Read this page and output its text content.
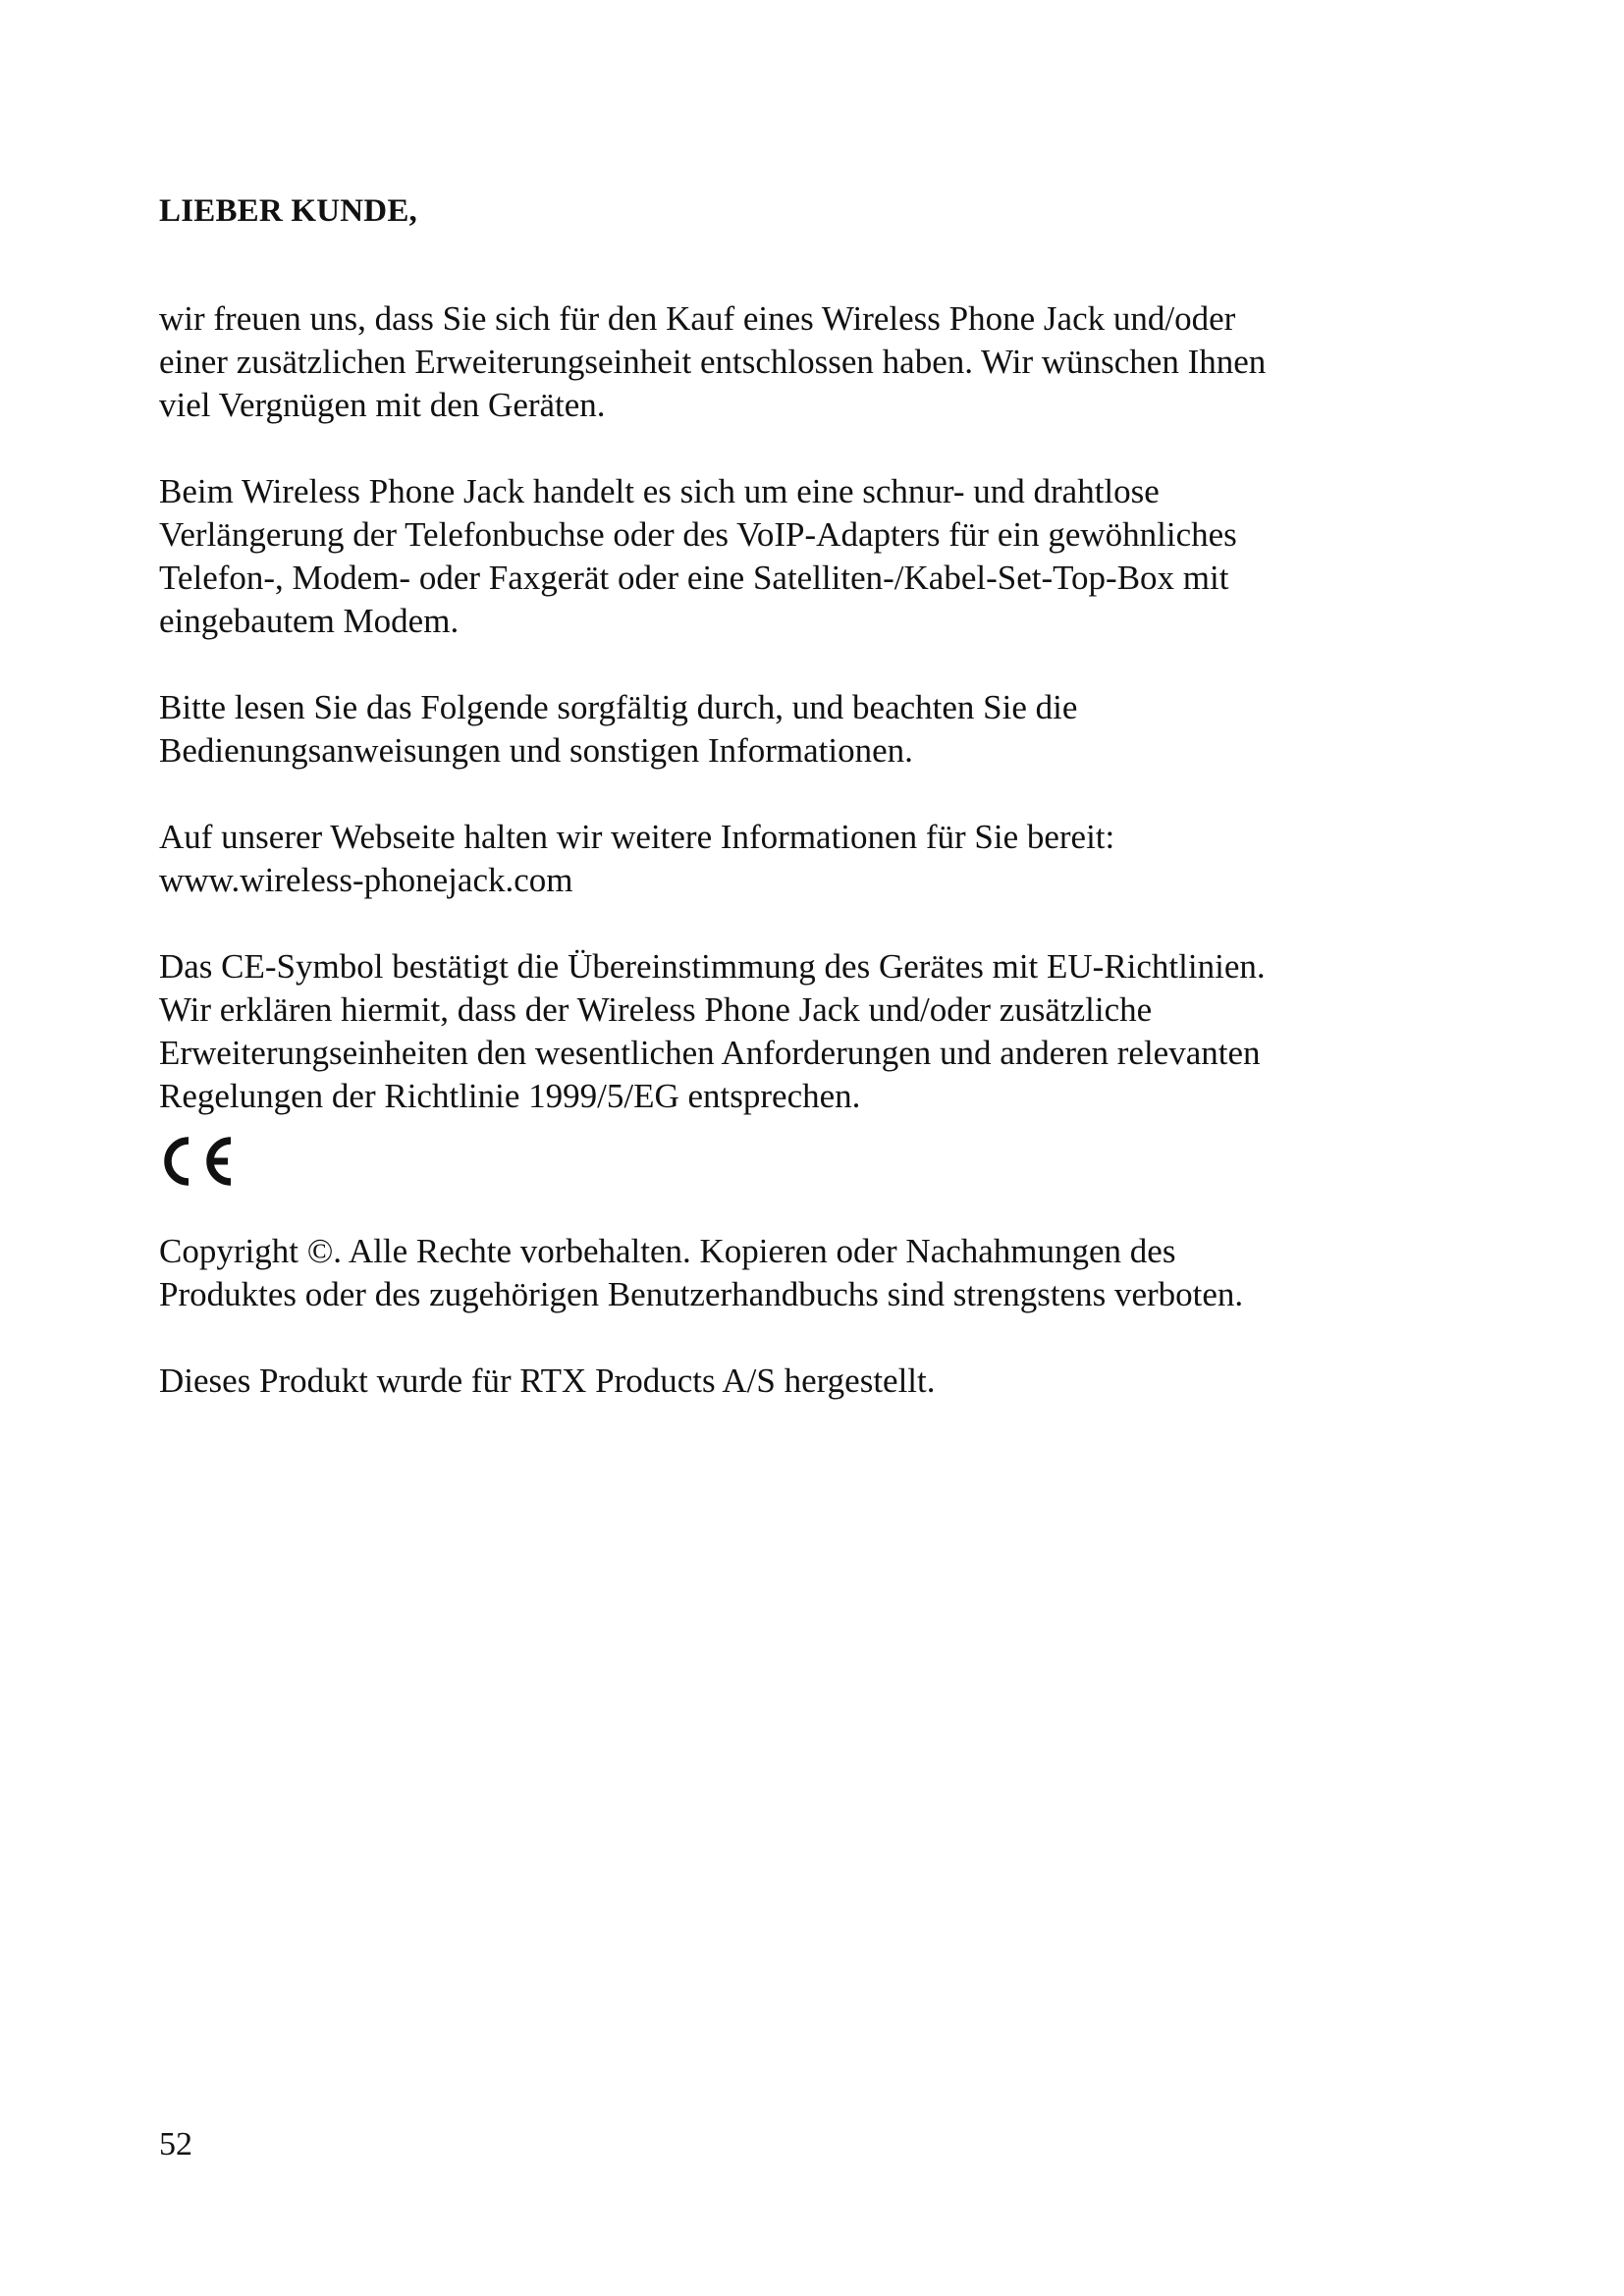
LIEBER KUNDE,
wir freuen uns, dass Sie sich für den Kauf eines Wireless Phone Jack und/oder
einer zusätzlichen Erweiterungseinheit entschlossen haben. Wir wünschen Ihnen
viel Vergnügen mit den Geräten.
Beim Wireless Phone Jack handelt es sich um eine schnur- und drahtlose
Verlängerung der Telefonbuchse oder des VoIP-Adapters für ein gewöhnliches
Telefon-, Modem- oder Faxgerät oder eine Satelliten-/Kabel-Set-Top-Box mit
eingebautem Modem.
Bitte lesen Sie das Folgende sorgfältig durch, und beachten Sie die
Bedienungsanweisungen und sonstigen Informationen.
Auf unserer Webseite halten wir weitere Informationen für Sie bereit:
www.wireless-phonejack.com
Das CE-Symbol bestätigt die Übereinstimmung des Gerätes mit EU-Richtlinien.
Wir erklären hiermit, dass der Wireless Phone Jack und/oder zusätzliche
Erweiterungseinheiten den wesentlichen Anforderungen und anderen relevanten
Regelungen der Richtlinie 1999/5/EG entsprechen.
Copyright ©. Alle Rechte vorbehalten. Kopieren oder Nachahmungen des
Produktes oder des zugehörigen Benutzerhandbuchs sind strengstens verboten.
Dieses Produkt wurde für RTX Products A/S hergestellt.
52
